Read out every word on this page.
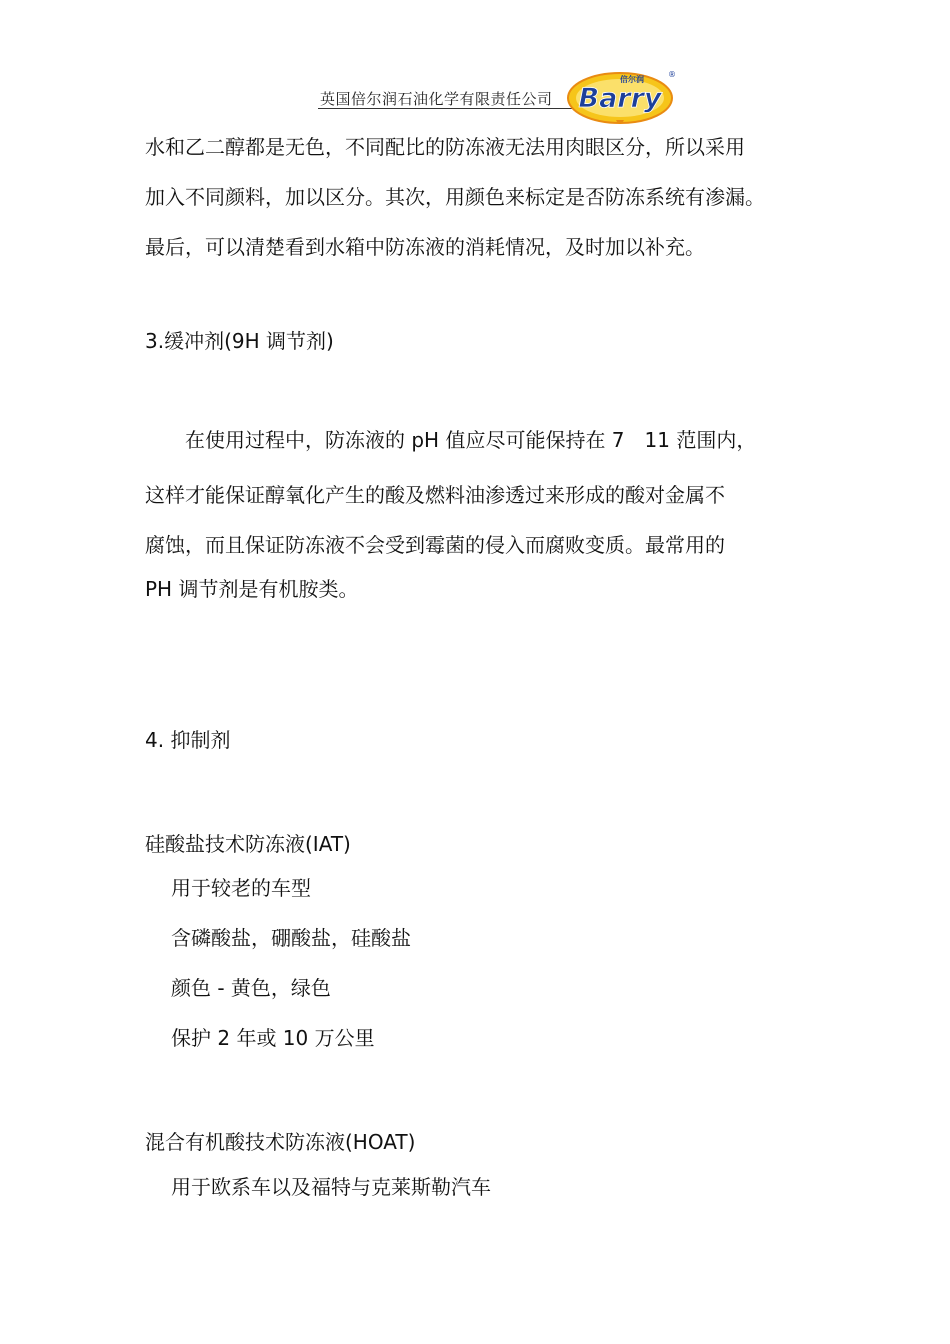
英国倍尔润石油化学有限责任公司 Barry
倍尔润
®
水和乙二醇都是无色，不同配比的防冻液无法用肉眼区分，所以采用
加入不同颜料，加以区分。其次，用颜色来标定是否防冻系统有渗漏。
最后，可以清楚看到水箱中防冻液的消耗情况，及时加以补充。
3.缓冲剂(9H 调节剂)
　　在使用过程中，防冻液的 pH 值应尽可能保持在 7　11 范围内，
这样才能保证醇氧化产生的酸及燃料油渗透过来形成的酸对金属不
腐蚀，而且保证防冻液不会受到霉菌的侵入而腐败变质。最常用的
PH 调节剂是有机胺类。
4. 抑制剂
硅酸盐技术防冻液(IAT)
用于较老的车型
含磷酸盐，硼酸盐，硅酸盐
颜色 - 黄色，绿色
保护 2 年或 10 万公里
混合有机酸技术防冻液(HOAT)
用于欧系车以及福特与克莱斯勒汽车
